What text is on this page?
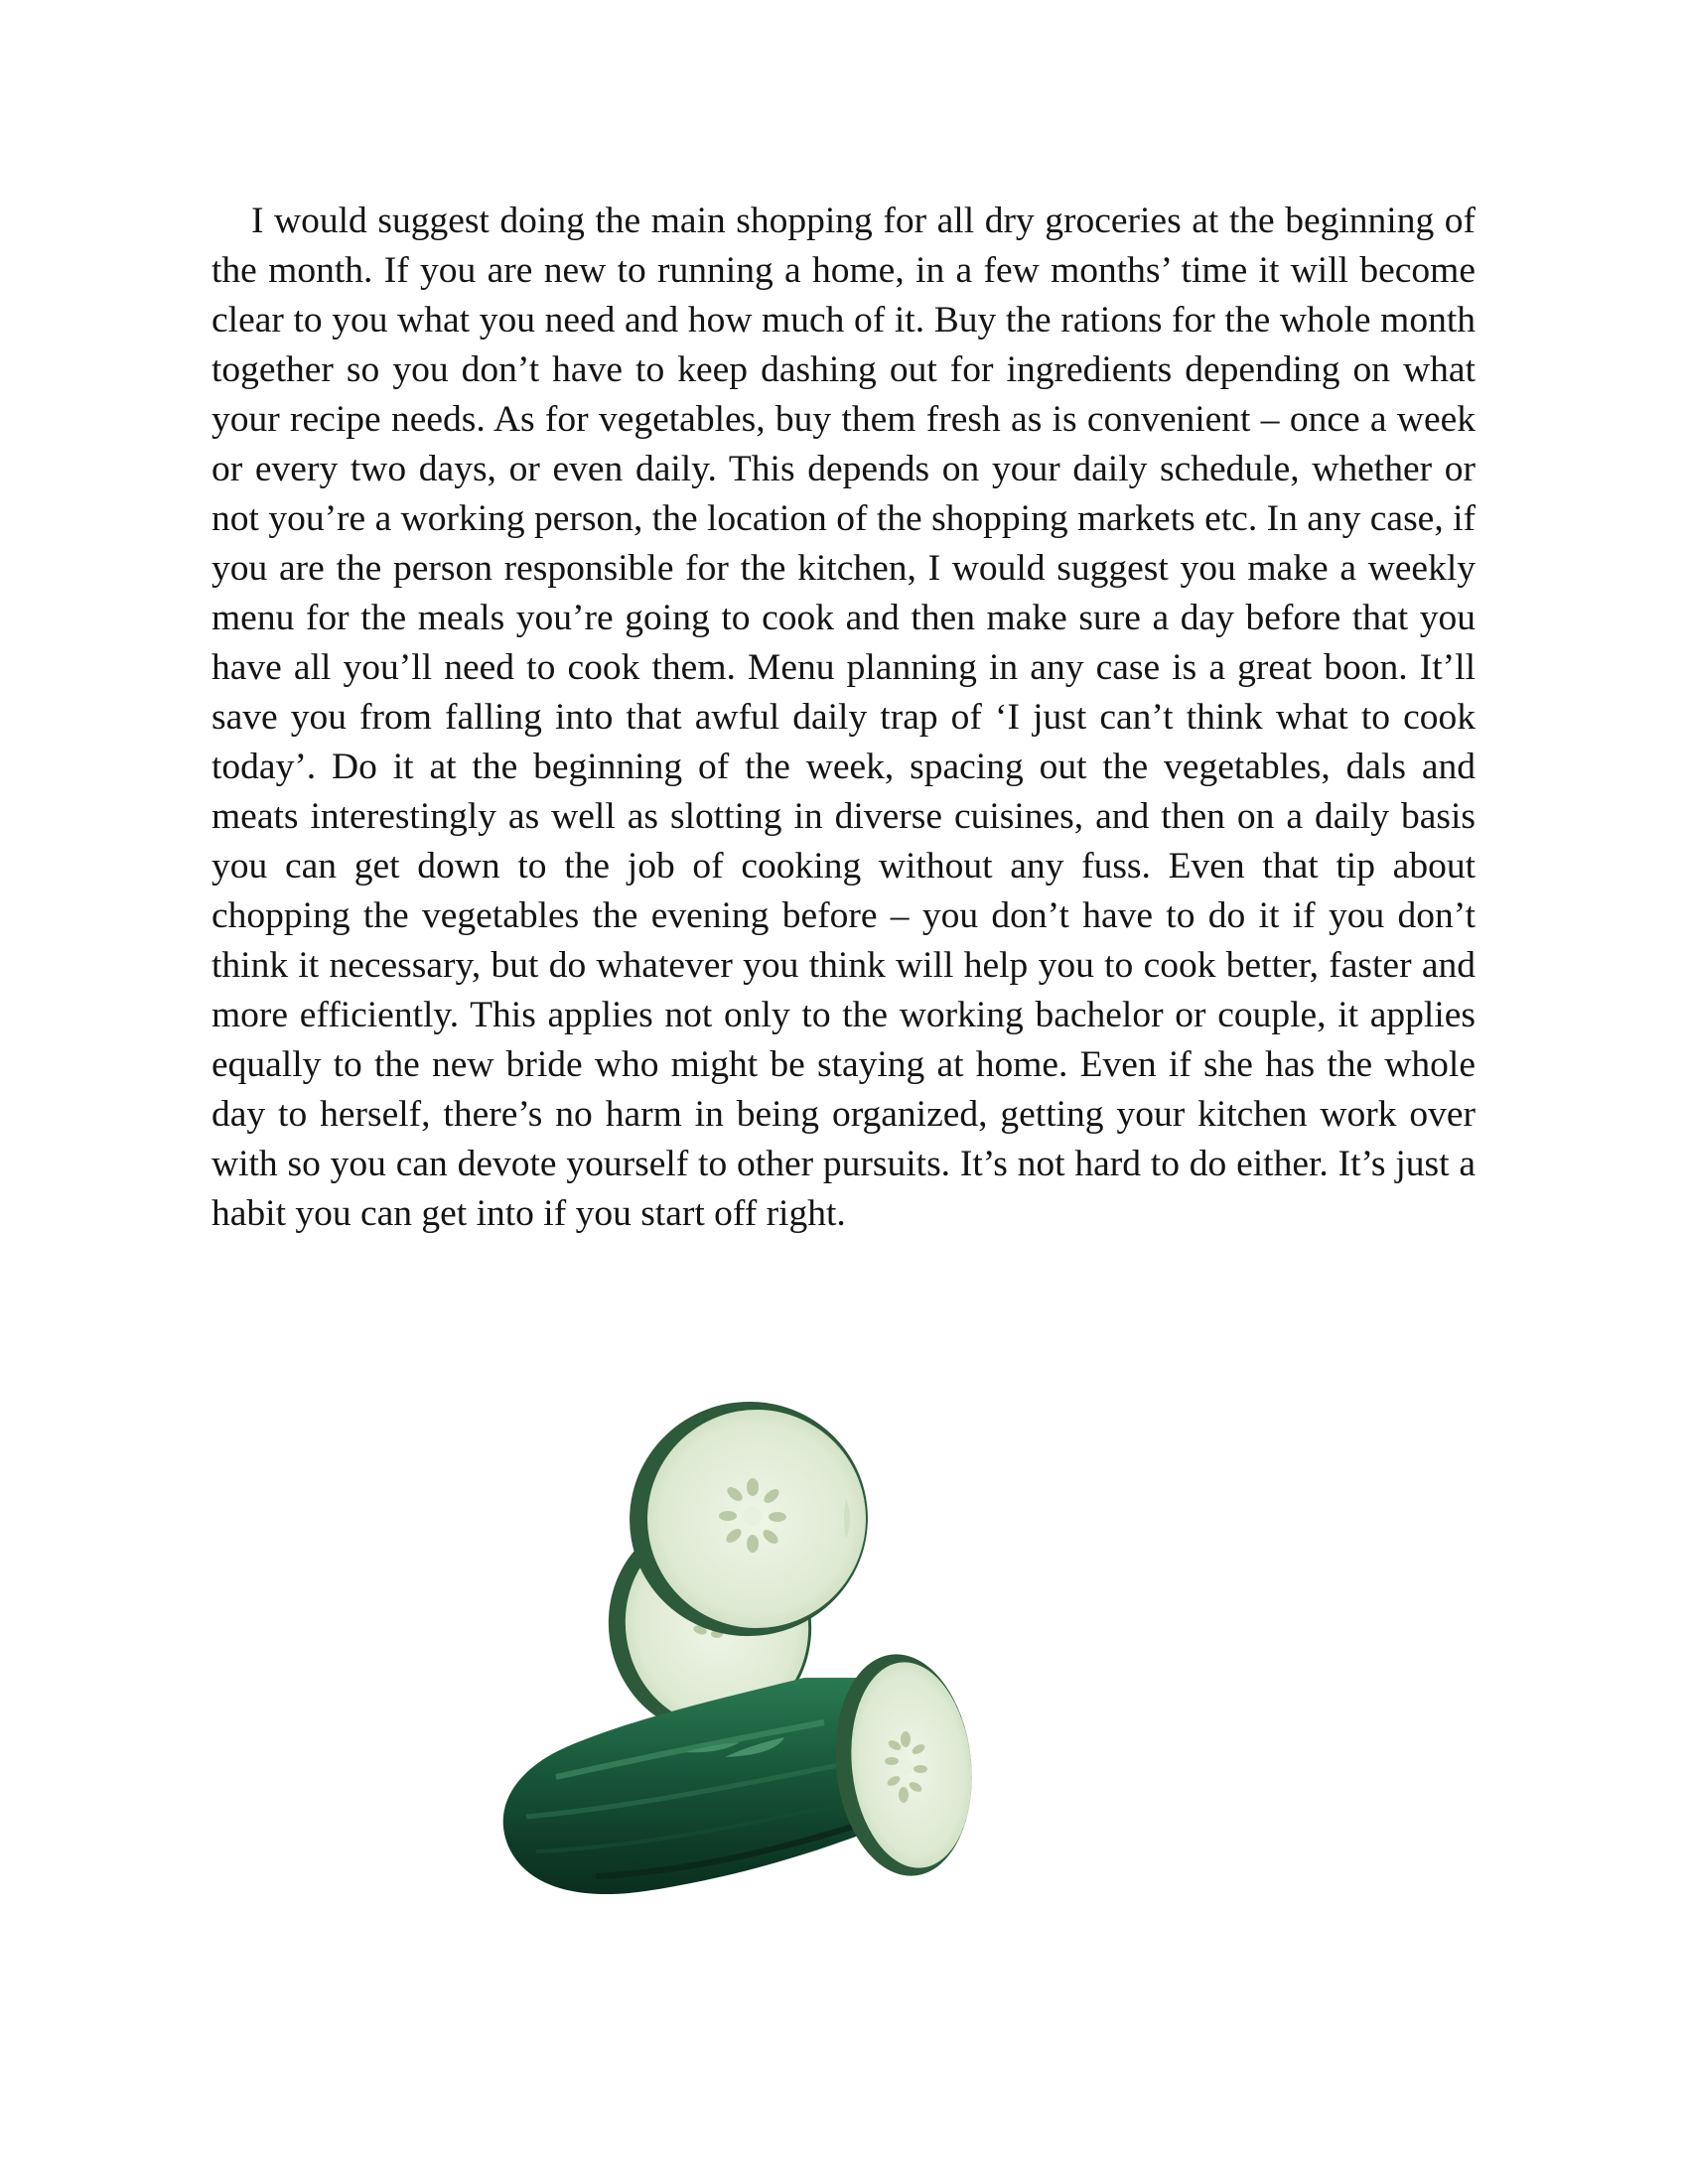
I would suggest doing the main shopping for all dry groceries at the beginning of the month. If you are new to running a home, in a few months’ time it will become clear to you what you need and how much of it. Buy the rations for the whole month together so you don’t have to keep dashing out for ingredients depending on what your recipe needs. As for vegetables, buy them fresh as is convenient – once a week or every two days, or even daily. This depends on your daily schedule, whether or not you’re a working person, the location of the shopping markets etc. In any case, if you are the person responsible for the kitchen, I would suggest you make a weekly menu for the meals you’re going to cook and then make sure a day before that you have all you’ll need to cook them. Menu planning in any case is a great boon. It’ll save you from falling into that awful daily trap of ‘I just can’t think what to cook today’. Do it at the beginning of the week, spacing out the vegetables, dals and meats interestingly as well as slotting in diverse cuisines, and then on a daily basis you can get down to the job of cooking without any fuss. Even that tip about chopping the vegetables the evening before – you don’t have to do it if you don’t think it necessary, but do whatever you think will help you to cook better, faster and more efficiently. This applies not only to the working bachelor or couple, it applies equally to the new bride who might be staying at home. Even if she has the whole day to herself, there’s no harm in being organized, getting your kitchen work over with so you can devote yourself to other pursuits. It’s not hard to do either. It’s just a habit you can get into if you start off right.
